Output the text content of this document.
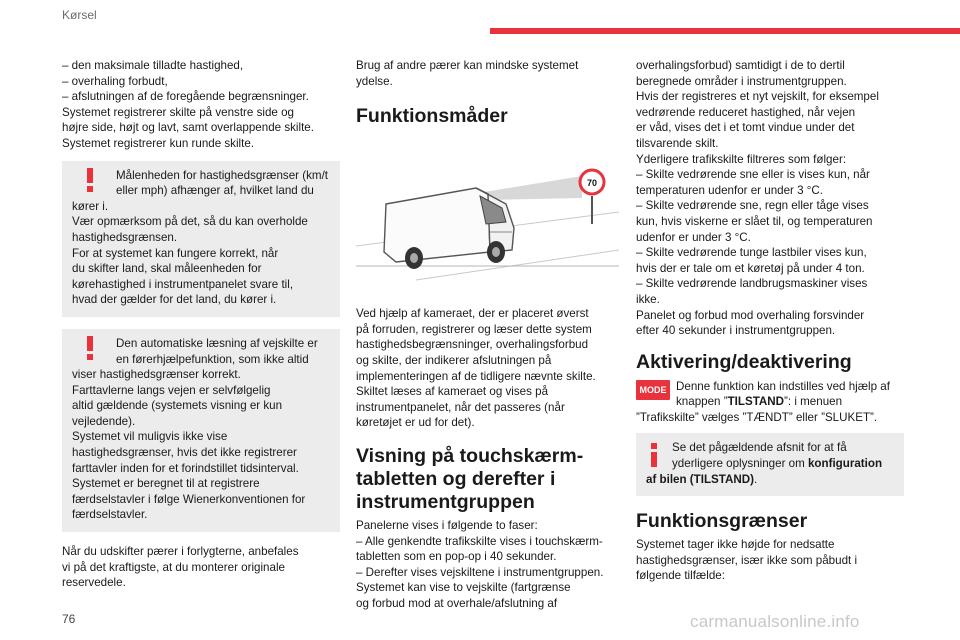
Kørsel

– den maksimale tilladte hastighed,

– overhaling forbudt,

– afslutningen af de foregående begrænsninger.

Systemet registrerer skilte på venstre side og

højre side, højt og lavt, samt overlappende skilte.

Systemet registrerer kun runde skilte.

Målenheden for hastighedsgrænser (km/t

eller mph) afhænger af, hvilket land du

kører i.

Vær opmærksom på det, så du kan overholde

hastighedsgrænsen.

For at systemet kan fungere korrekt, når

du skifter land, skal måleenheden for

kørehastighed i instrumentpanelet svare til,

hvad der gælder for det land, du kører i.

Den automatiske læsning af vejskilte er

en førerhjælpefunktion, som ikke altid

viser hastighedsgrænser korrekt.

Farttavlerne langs vejen er selvfølgelig

altid gældende (systemets visning er kun

vejledende).

Systemet vil muligvis ikke vise

hastighedsgrænser, hvis det ikke registrerer

farttavler inden for et forindstillet tidsinterval.

Systemet er beregnet til at registrere

færdselstavler i følge Wienerkonventionen for

færdselstavler.

Når du udskifter pærer i forlygterne, anbefales

vi på det kraftigste, at du monterer originale

reservedele.

Brug af andre pærer kan mindske systemet

ydelse.

Funktionsmåder

70

Ved hjælp af kameraet, der er placeret øverst

på forruden, registrerer og læser dette system

hastighedsbegrænsninger, overhalingsforbud

og skilte, der indikerer afslutningen på

implementeringen af de tidligere nævnte skilte.

Skiltet læses af kameraet og vises på

instrumentpanelet, når det passeres (når

køretøjet er ud for det).

Visning på touchskærm-

tabletten og derefter i

instrumentgruppen

Panelerne vises i følgende to faser:

– Alle genkendte trafikskilte vises i touchskærm-

tabletten som en pop-op i 40 sekunder.

– Derefter vises vejskiltene i instrumentgruppen.

Systemet kan vise to vejskilte (fartgrænse

og forbud mod at overhale/afslutning af

overhalingsforbud) samtidigt i de to dertil

beregnede områder i instrumentgruppen.

Hvis der registreres et nyt vejskilt, for eksempel

vedrørende reduceret hastighed, når vejen

er våd, vises det i et tomt vindue under det

tilsvarende skilt.

Yderligere trafikskilte filtreres som følger:

– Skilte vedrørende sne eller is vises kun, når

temperaturen udenfor er under 3 °C.

– Skilte vedrørende sne, regn eller tåge vises

kun, hvis viskerne er slået til, og temperaturen

udenfor er under 3 °C.

– Skilte vedrørende tunge lastbiler vises kun,

hvis der er tale om et køretøj på under 4 ton.

– Skilte vedrørende landbrugsmaskiner vises

ikke.

Panelet og forbud mod overhaling forsvinder

efter 40 sekunder i instrumentgruppen.

Aktivering/deaktivering

MODE Denne funktion kan indstilles ved hjælp af

knappen ”TILSTAND”: i menuen

”Trafikskilte” vælges ”TÆNDT” eller ”SLUKET”.

Se det pågældende afsnit for at få

yderligere oplysninger om konfiguration

af bilen (TILSTAND).

Funktionsgrænser

Systemet tager ikke højde for nedsatte

hastighedsgrænser, især ikke som påbudt i

følgende tilfælde:

76	carmanualsonline.info
